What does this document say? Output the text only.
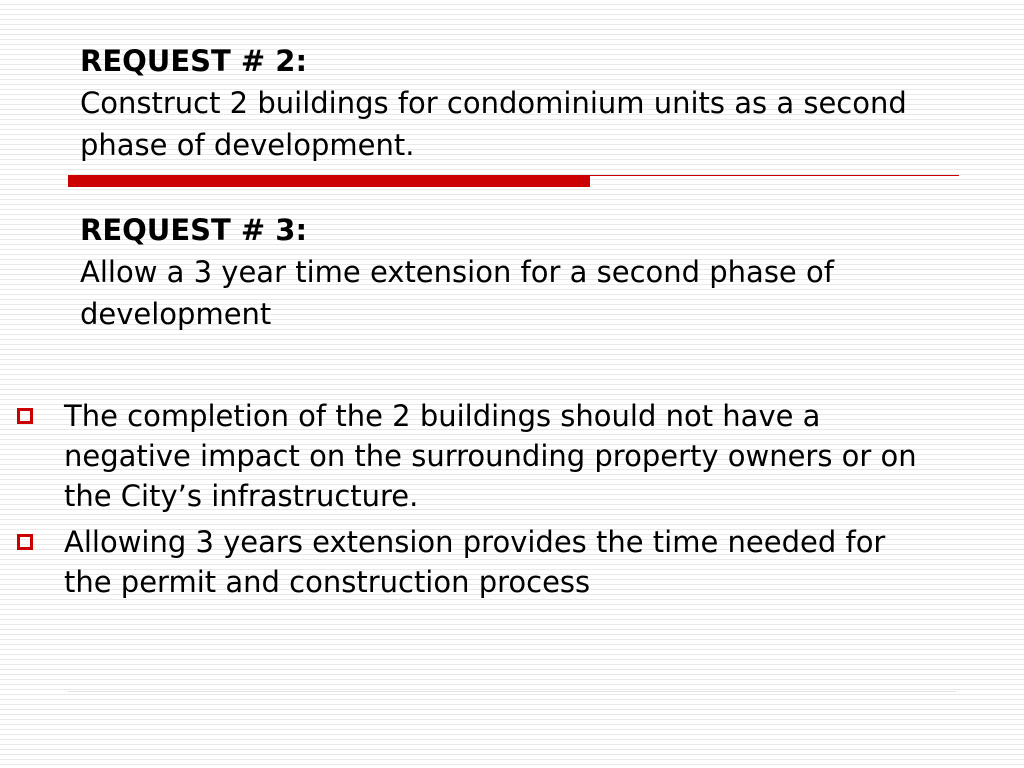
REQUEST # 2:

Construct 2 buildings for condominium units as a second phase of development.

REQUEST # 3:

Allow a 3 year time extension for a second phase of development

The completion of the 2 buildings should not have a negative impact on the surrounding property owners or on the City’s infrastructure.
Allowing 3 years extension provides the time needed for the permit and construction process
